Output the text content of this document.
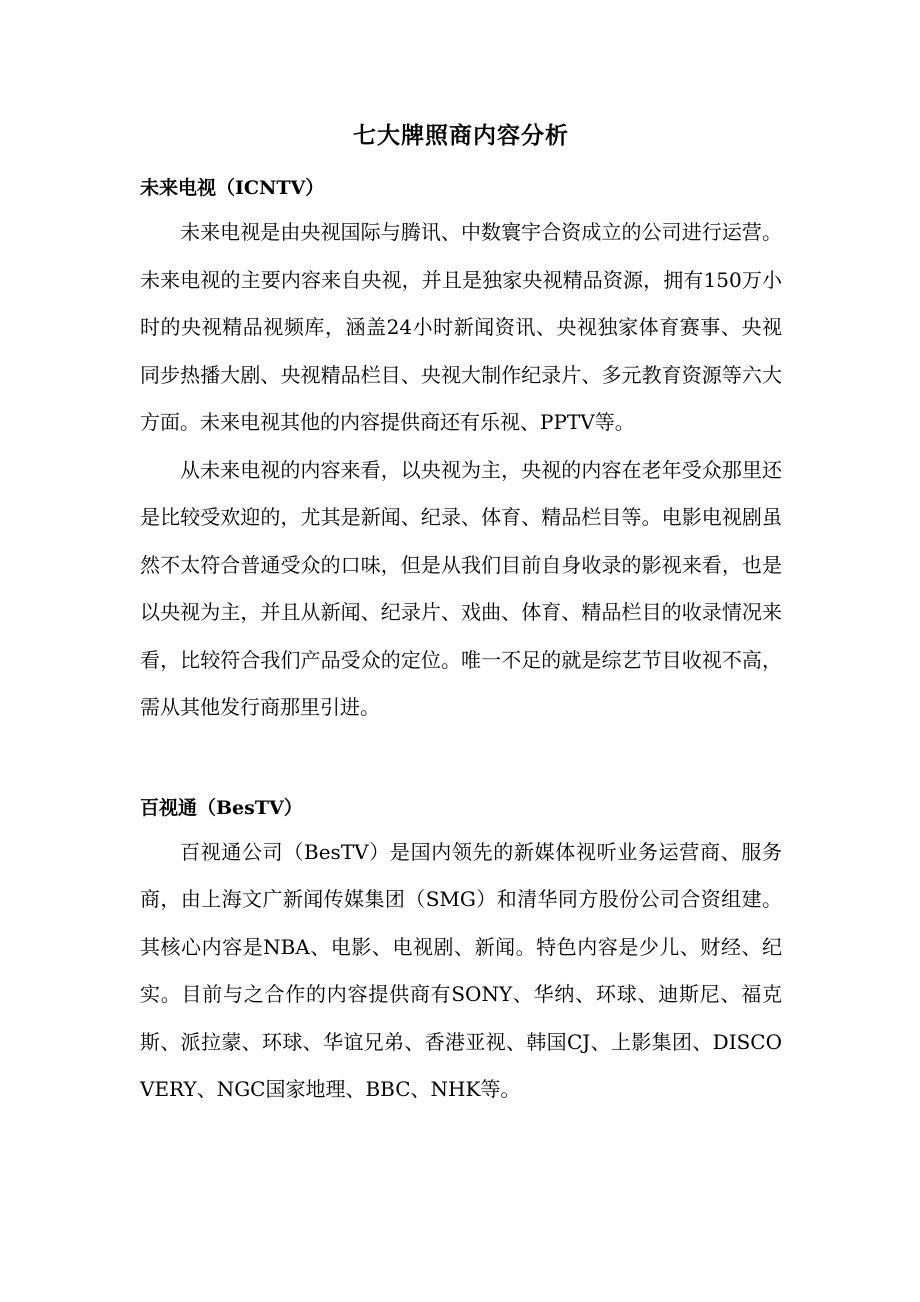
七大牌照商内容分析
未来电视（ICNTV）

未来电视是由央视国际与腾讯、中数寰宇合资成立的公司进行运营。未来电视的主要内容来自央视，并且是独家央视精品资源，拥有150万小时的央视精品视频库，涵盖24小时新闻资讯、央视独家体育赛事、央视同步热播大剧、央视精品栏目、央视大制作纪录片、多元教育资源等六大方面。未来电视其他的内容提供商还有乐视、PPTV等。

从未来电视的内容来看，以央视为主，央视的内容在老年受众那里还是比较受欢迎的，尤其是新闻、纪录、体育、精品栏目等。电影电视剧虽然不太符合普通受众的口味，但是从我们目前自身收录的影视来看，也是以央视为主，并且从新闻、纪录片、戏曲、体育、精品栏目的收录情况来看，比较符合我们产品受众的定位。唯一不足的就是综艺节目收视不高，需从其他发行商那里引进。

百视通（BesTV）

百视通公司（BesTV）是国内领先的新媒体视听业务运营商、服务商，由上海文广新闻传媒集团（SMG）和清华同方股份公司合资组建。其核心内容是NBA、电影、电视剧、新闻。特色内容是少儿、财经、纪实。目前与之合作的内容提供商有SONY、华纳、环球、迪斯尼、福克斯、派拉蒙、环球、华谊兄弟、香港亚视、韩国CJ、上影集团、DISCOVERY、NGC国家地理、BBC、NHK等。
